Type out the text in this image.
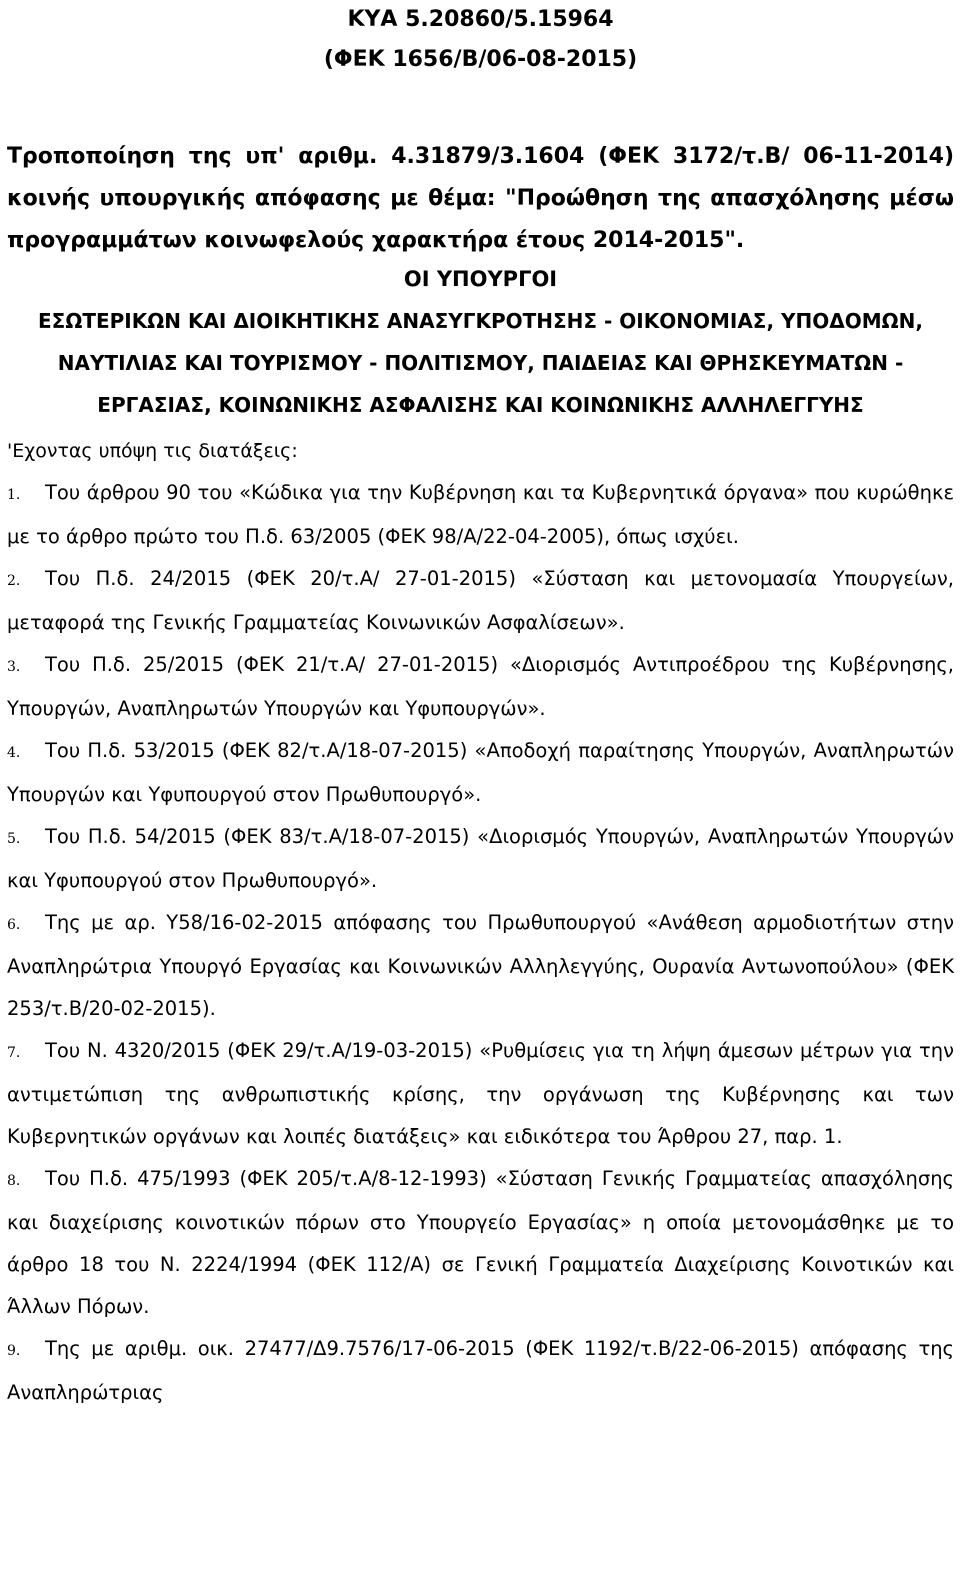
ΚΥΑ 5.20860/5.15964

(ΦΕΚ 1656/Β/06-08-2015)

Τροποποίηση της υπ' αριθμ. 4.31879/3.1604 (ΦΕΚ 3172/τ.Β/ 06-11-2014) κοινής υπουργικής απόφασης με θέμα: "Προώθηση της απασχόλησης μέσω προγραμμάτων κοινωφελούς χαρακτήρα έτους 2014-2015".
ΟΙ ΥΠΟΥΡΓΟΙ
ΕΣΩΤΕΡΙΚΩΝ ΚΑΙ ΔΙΟΙΚΗΤΙΚΗΣ ΑΝΑΣΥΓΚΡΟΤΗΣΗΣ - ΟΙΚΟΝΟΜΙΑΣ, ΥΠΟΔΟΜΩΝ, ΝΑΥΤΙΛΙΑΣ ΚΑΙ ΤΟΥΡΙΣΜΟΥ - ΠΟΛΙΤΙΣΜΟΥ, ΠΑΙΔΕΙΑΣ ΚΑΙ ΘΡΗΣΚΕΥΜΑΤΩΝ - ΕΡΓΑΣΙΑΣ, ΚΟΙΝΩΝΙΚΗΣ ΑΣΦΑΛΙΣΗΣ ΚΑΙ ΚΟΙΝΩΝΙΚΗΣ ΑΛΛΗΛΕΓΓΥΗΣ
'Εχοντας υπόψη τις διατάξεις:
1. Του άρθρου 90 του «Κώδικα για την Κυβέρνηση και τα Κυβερνητικά όργανα» που κυρώθηκε με το άρθρο πρώτο του Π.δ. 63/2005 (ΦΕΚ 98/Α/22-04-2005), όπως ισχύει.
2. Του Π.δ. 24/2015 (ΦΕΚ 20/τ.Α/ 27-01-2015) «Σύσταση και μετονομασία Υπουργείων, μεταφορά της Γενικής Γραμματείας Κοινωνικών Ασφαλίσεων».
3. Του Π.δ. 25/2015 (ΦΕΚ 21/τ.Α/ 27-01-2015) «Διορισμός Αντιπροέδρου της Κυβέρνησης, Υπουργών, Αναπληρωτών Υπουργών και Υφυπουργών».
4. Του Π.δ. 53/2015 (ΦΕΚ 82/τ.Α/18-07-2015) «Αποδοχή παραίτησης Υπουργών, Αναπληρωτών Υπουργών και Υφυπουργού στον Πρωθυπουργό».
5. Του Π.δ. 54/2015 (ΦΕΚ 83/τ.Α/18-07-2015) «Διορισμός Υπουργών, Αναπληρωτών Υπουργών και Υφυπουργού στον Πρωθυπουργό».
6. Της με αρ. Υ58/16-02-2015 απόφασης του Πρωθυπουργού «Ανάθεση αρμοδιοτήτων στην Αναπληρώτρια Υπουργό Εργασίας και Κοινωνικών Αλληλεγγύης, Ουρανία Αντωνοπούλου» (ΦΕΚ 253/τ.Β/20-02-2015).
7. Του Ν. 4320/2015 (ΦΕΚ 29/τ.Α/19-03-2015) «Ρυθμίσεις για τη λήψη άμεσων μέτρων για την αντιμετώπιση της ανθρωπιστικής κρίσης, την οργάνωση της Κυβέρνησης και των Κυβερνητικών οργάνων και λοιπές διατάξεις» και ειδικότερα του Άρθρου 27, παρ. 1.
8. Του Π.δ. 475/1993 (ΦΕΚ 205/τ.Α/8-12-1993) «Σύσταση Γενικής Γραμματείας απασχόλησης και διαχείρισης κοινοτικών πόρων στο Υπουργείο Εργασίας» η οποία μετονομάσθηκε με το άρθρο 18 του Ν. 2224/1994 (ΦΕΚ 112/Α) σε Γενική Γραμματεία Διαχείρισης Κοινοτικών και Άλλων Πόρων.
9. Της με αριθμ. οικ. 27477/Δ9.7576/17-06-2015 (ΦΕΚ 1192/τ.Β/22-06-2015) απόφασης της Αναπληρώτριας
